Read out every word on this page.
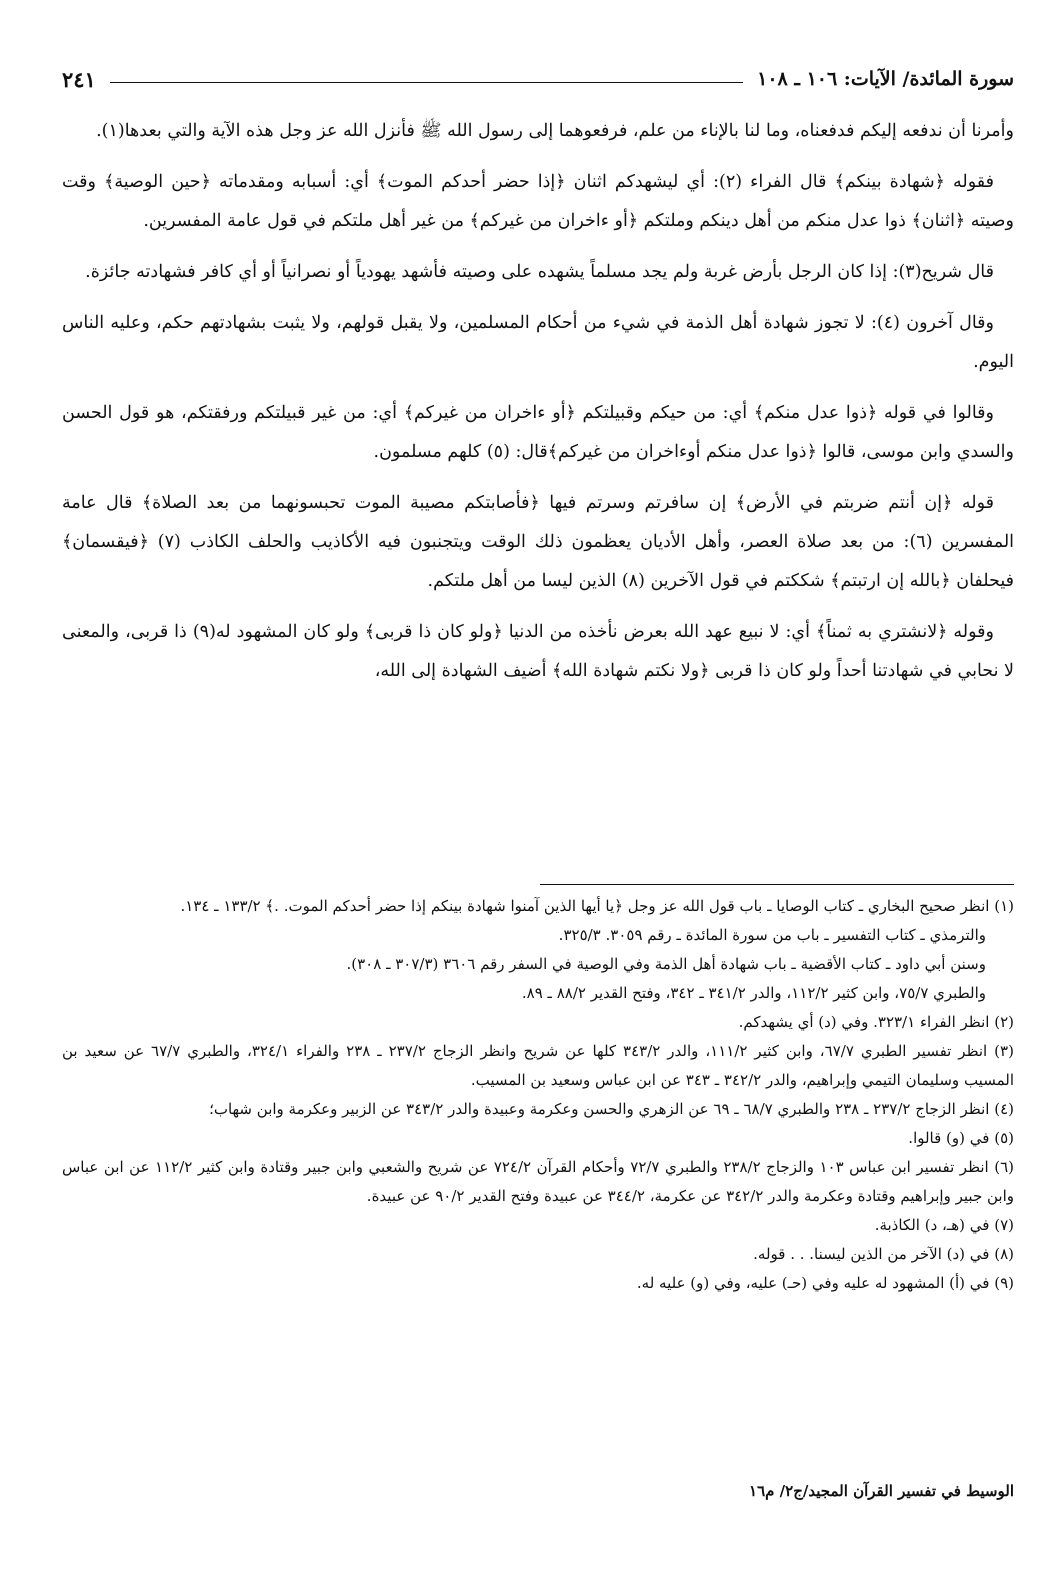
سورة المائدة/ الآيات: ١٠٦ ـ ١٠٨
٢٤١

وأمرنا أن ندفعه إليكم فدفعناه، وما لنا بالإناء من علم، فرفعوهما إلى رسول الله ﷺ فأنزل الله عز وجل هذه الآية والتي بعدها(١).

فقوله ﴿شهادة بينكم﴾ قال الفراء (٢): أي ليشهدكم اثنان ﴿إذا حضر أحدكم الموت﴾ أي: أسبابه ومقدماته ﴿حين الوصية﴾ وقت وصيته ﴿اثنان﴾ ذوا عدل منكم من أهل دينكم وملتكم ﴿أو ءاخران من غيركم﴾ من غير أهل ملتكم في قول عامة المفسرين.

قال شريح(٣): إذا كان الرجل بأرض غربة ولم يجد مسلماً يشهده على وصيته فأشهد يهودياً أو نصرانياً أو أي كافر فشهادته جائزة.

وقال آخرون (٤): لا تجوز شهادة أهل الذمة في شيء من أحكام المسلمين، ولا يقبل قولهم، ولا يثبت بشهادتهم حكم، وعليه الناس اليوم.

وقالوا في قوله ﴿ذوا عدل منكم﴾ أي: من حيكم وقبيلتكم ﴿أو ءاخران من غيركم﴾ أي: من غير قبيلتكم ورفقتكم، هو قول الحسن والسدي وابن موسى، قالوا ﴿ذوا عدل منكم أوءاخران من غيركم﴾قال: (٥) كلهم مسلمون.

قوله ﴿إن أنتم ضربتم في الأرض﴾ إن سافرتم وسرتم فيها ﴿فأصابتكم مصيبة الموت تحبسونهما من بعد الصلاة﴾ قال عامة المفسرين (٦): من بعد صلاة العصر، وأهل الأديان يعظمون ذلك الوقت ويتجنبون فيه الأكاذيب والحلف الكاذب (٧) ﴿فيقسمان﴾ فيحلفان ﴿بالله إن ارتبتم﴾ شككتم في قول الآخرين (٨) الذين ليسا من أهل ملتكم.

وقوله ﴿لانشتري به ثمناً﴾ أي: لا نبيع عهد الله بعرض نأخذه من الدنيا ﴿ولو كان ذا قربى﴾ ولو كان المشهود له(٩) ذا قربى، والمعنى لا نحابي في شهادتنا أحداً ولو كان ذا قربى ﴿ولا نكتم شهادة الله﴾ أضيف الشهادة إلى الله،

(١) انظر صحيح البخاري ـ كتاب الوصايا ـ باب قول الله عز وجل ﴿يا أيها الذين آمنوا شهادة بينكم إذا حضر أحدكم الموت. .﴾ ١٣٣/٢ ـ ١٣٤.

والترمذي ـ كتاب التفسير ـ باب من سورة المائدة ـ رقم ٣٠٥٩. ٣٢٥/٣.

وسنن أبي داود ـ كتاب الأقضية ـ باب شهادة أهل الذمة وفي الوصية في السفر رقم ٣٦٠٦ (٣٠٧/٣ ـ ٣٠٨).

والطبري ٧٥/٧، وابن كثير ١١٢/٢، والدر ٣٤١/٢ ـ ٣٤٢، وفتح القدير ٨٨/٢ ـ ٨٩.

(٢) انظر الفراء ٣٢٣/١. وفي (د) أي يشهدكم.

(٣) انظر تفسير الطبري ٦٧/٧، وابن كثير ١١١/٢، والدر ٣٤٣/٢ كلها عن شريح وانظر الزجاج ٢٣٧/٢ ـ ٢٣٨ والفراء ٣٢٤/١، والطبري ٦٧/٧ عن سعيد بن المسيب وسليمان التيمي وإبراهيم، والدر ٣٤٢/٢ ـ ٣٤٣ عن ابن عباس وسعيد بن المسيب.

(٤) انظر الزجاج ٢٣٧/٢ ـ ٢٣٨ والطبري ٦٨/٧ ـ ٦٩ عن الزهري والحسن وعكرمة وعبيدة والدر ٣٤٣/٢ عن الزبير وعكرمة وابن شهاب؛

(٥) في (و) قالوا.

(٦) انظر تفسير ابن عباس ١٠٣ والزجاج ٢٣٨/٢ والطبري ٧٢/٧ وأحكام القرآن ٧٢٤/٢ عن شريح والشعبي وابن جبير وقتادة وابن كثير ١١٢/٢ عن ابن عباس وابن جبير وإبراهيم وقتادة وعكرمة والدر ٣٤٢/٢ عن عكرمة، ٣٤٤/٢ عن عبيدة وفتح القدير ٩٠/٢ عن عبيدة.

(٧) في (هـ، د) الكاذبة.

(٨) في (د) الآخر من الذين ليسنا. . . قوله.

(٩) في (أ) المشهود له عليه وفي (حـ) عليه، وفي (و) عليه له.

الوسيط في تفسير القرآن المجيد/ج٢/ م١٦
